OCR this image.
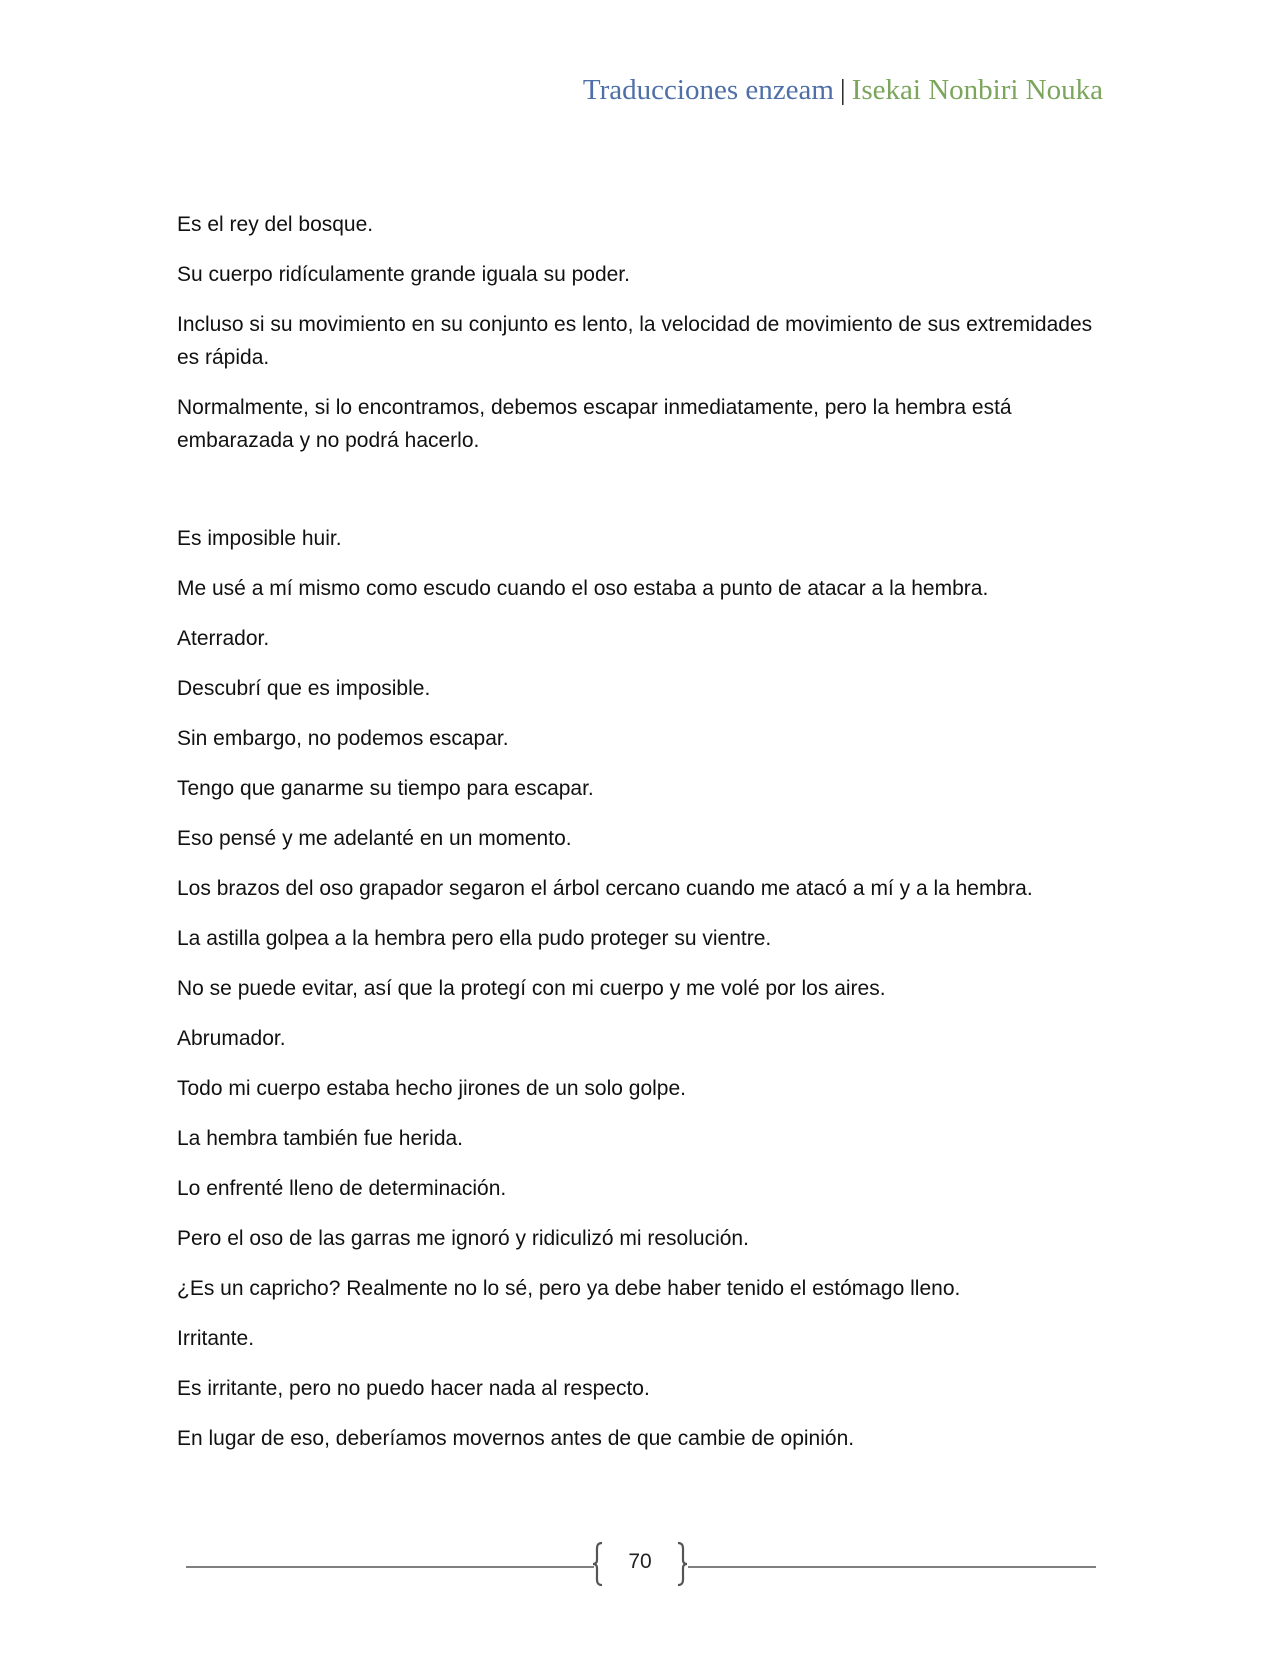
Traducciones enzeam | Isekai Nonbiri Nouka

Es el rey del bosque.

Su cuerpo ridículamente grande iguala su poder.

Incluso si su movimiento en su conjunto es lento, la velocidad de movimiento de sus extremidades es rápida.

Normalmente, si lo encontramos, debemos escapar inmediatamente, pero la hembra está embarazada y no podrá hacerlo.

Es imposible huir.

Me usé a mí mismo como escudo cuando el oso estaba a punto de atacar a la hembra.

Aterrador.

Descubrí que es imposible.

Sin embargo, no podemos escapar.

Tengo que ganarme su tiempo para escapar.

Eso pensé y me adelanté en un momento.

Los brazos del oso grapador segaron el árbol cercano cuando me atacó a mí y a la hembra.

La astilla golpea a la hembra pero ella pudo proteger su vientre.

No se puede evitar, así que la protegí con mi cuerpo y me volé por los aires.

Abrumador.

Todo mi cuerpo estaba hecho jirones de un solo golpe.

La hembra también fue herida.

Lo enfrenté lleno de determinación.

Pero el oso de las garras me ignoró y ridiculizó mi resolución.

¿Es un capricho? Realmente no lo sé, pero ya debe haber tenido el estómago lleno.

Irritante.

Es irritante, pero no puedo hacer nada al respecto.

En lugar de eso, deberíamos movernos antes de que cambie de opinión.

70
